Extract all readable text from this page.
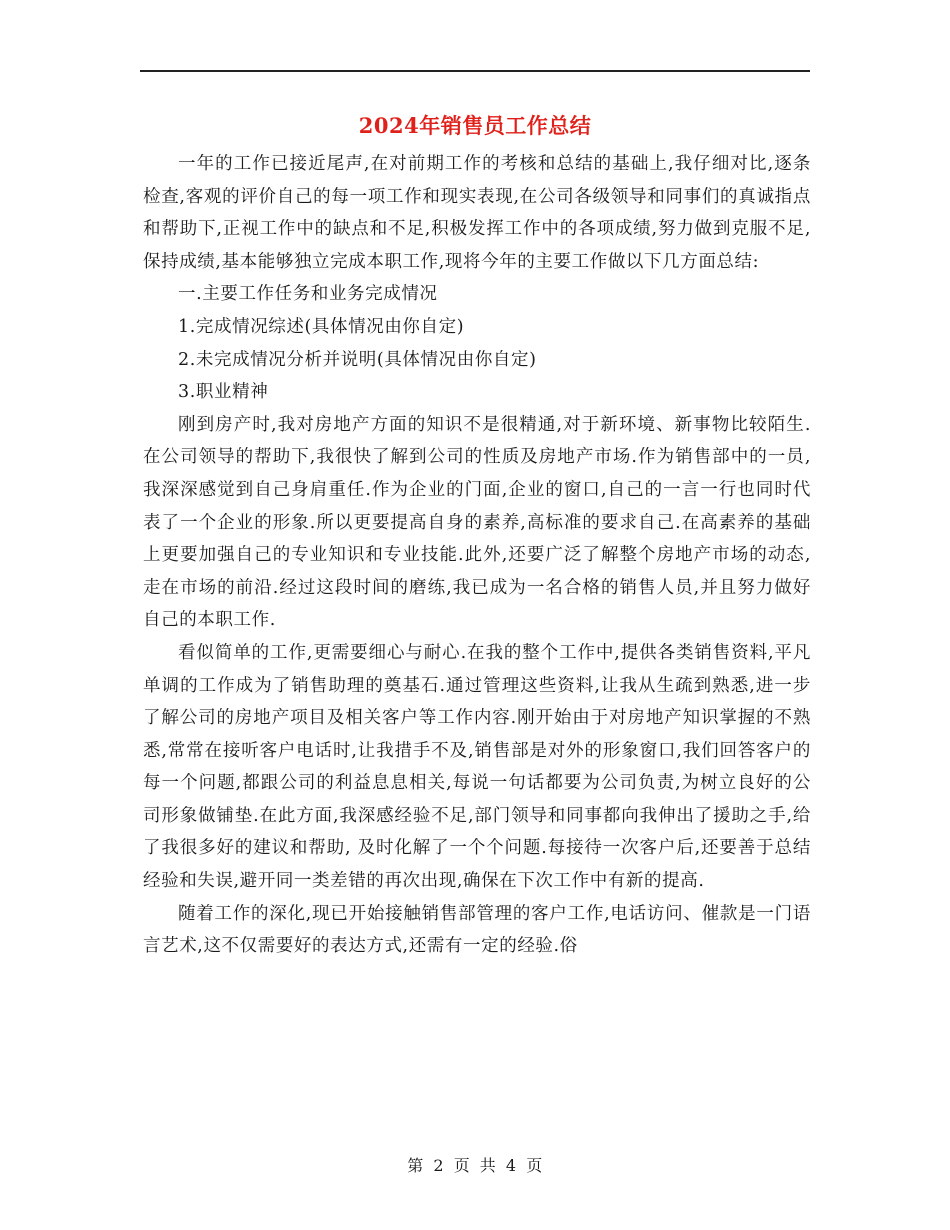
2024年销售员工作总结

一年的工作已接近尾声,在对前期工作的考核和总结的基础上,我仔细对比,逐条检查,客观的评价自己的每一项工作和现实表现,在公司各级领导和同事们的真诚指点和帮助下,正视工作中的缺点和不足,积极发挥工作中的各项成绩,努力做到克服不足,保持成绩,基本能够独立完成本职工作,现将今年的主要工作做以下几方面总结:

一.主要工作任务和业务完成情况

1.完成情况综述(具体情况由你自定)

2.未完成情况分析并说明(具体情况由你自定)

3.职业精神

刚到房产时,我对房地产方面的知识不是很精通,对于新环境、新事物比较陌生.在公司领导的帮助下,我很快了解到公司的性质及房地产市场.作为销售部中的一员,我深深感觉到自己身肩重任.作为企业的门面,企业的窗口,自己的一言一行也同时代表了一个企业的形象.所以更要提高自身的素养,高标准的要求自己.在高素养的基础上更要加强自己的专业知识和专业技能.此外,还要广泛了解整个房地产市场的动态,走在市场的前沿.经过这段时间的磨练,我已成为一名合格的销售人员,并且努力做好自己的本职工作.

看似简单的工作,更需要细心与耐心.在我的整个工作中,提供各类销售资料,平凡单调的工作成为了销售助理的奠基石.通过管理这些资料,让我从生疏到熟悉,进一步了解公司的房地产项目及相关客户等工作内容.刚开始由于对房地产知识掌握的不熟悉,常常在接听客户电话时,让我措手不及,销售部是对外的形象窗口,我们回答客户的每一个问题,都跟公司的利益息息相关,每说一句话都要为公司负责,为树立良好的公司形象做铺垫.在此方面,我深感经验不足,部门领导和同事都向我伸出了援助之手,给了我很多好的建议和帮助, 及时化解了一个个问题.每接待一次客户后,还要善于总结经验和失误,避开同一类差错的再次出现,确保在下次工作中有新的提高.

随着工作的深化,现已开始接触销售部管理的客户工作,电话访问、催款是一门语言艺术,这不仅需要好的表达方式,还需有一定的经验.俗

第 2 页 共 4 页
